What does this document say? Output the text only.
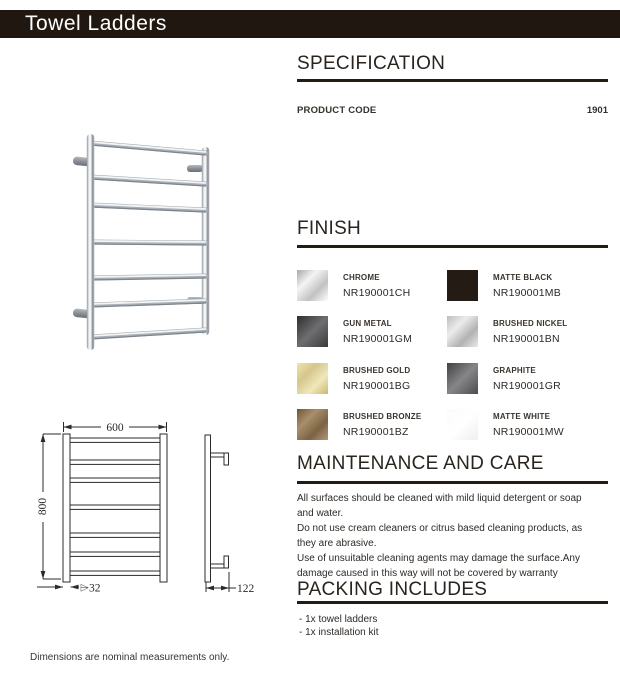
Towel Ladders
SPECIFICATION
PRODUCT CODE	1901
FINISH
CHROME
NR190001CH
MATTE BLACK
NR190001MB
GUN METAL
NR190001GM
BRUSHED NICKEL
NR190001BN
BRUSHED GOLD
NR190001BG
GRAPHITE
NR190001GR
BRUSHED BRONZE
NR190001BZ
MATTE WHITE
NR190001MW
MAINTENANCE AND CARE
All surfaces should be cleaned with mild liquid detergent or soap
and water.
Do not use cream cleaners or citrus based cleaning products, as
they are abrasive.
Use of unsuitable cleaning agents may damage the surface.Any
damage caused in this way will not be covered by warranty
PACKING INCLUDES
- 1x towel ladders
- 1x installation kit
600
800
⌲32	122
Dimensions are nominal measurements only.
